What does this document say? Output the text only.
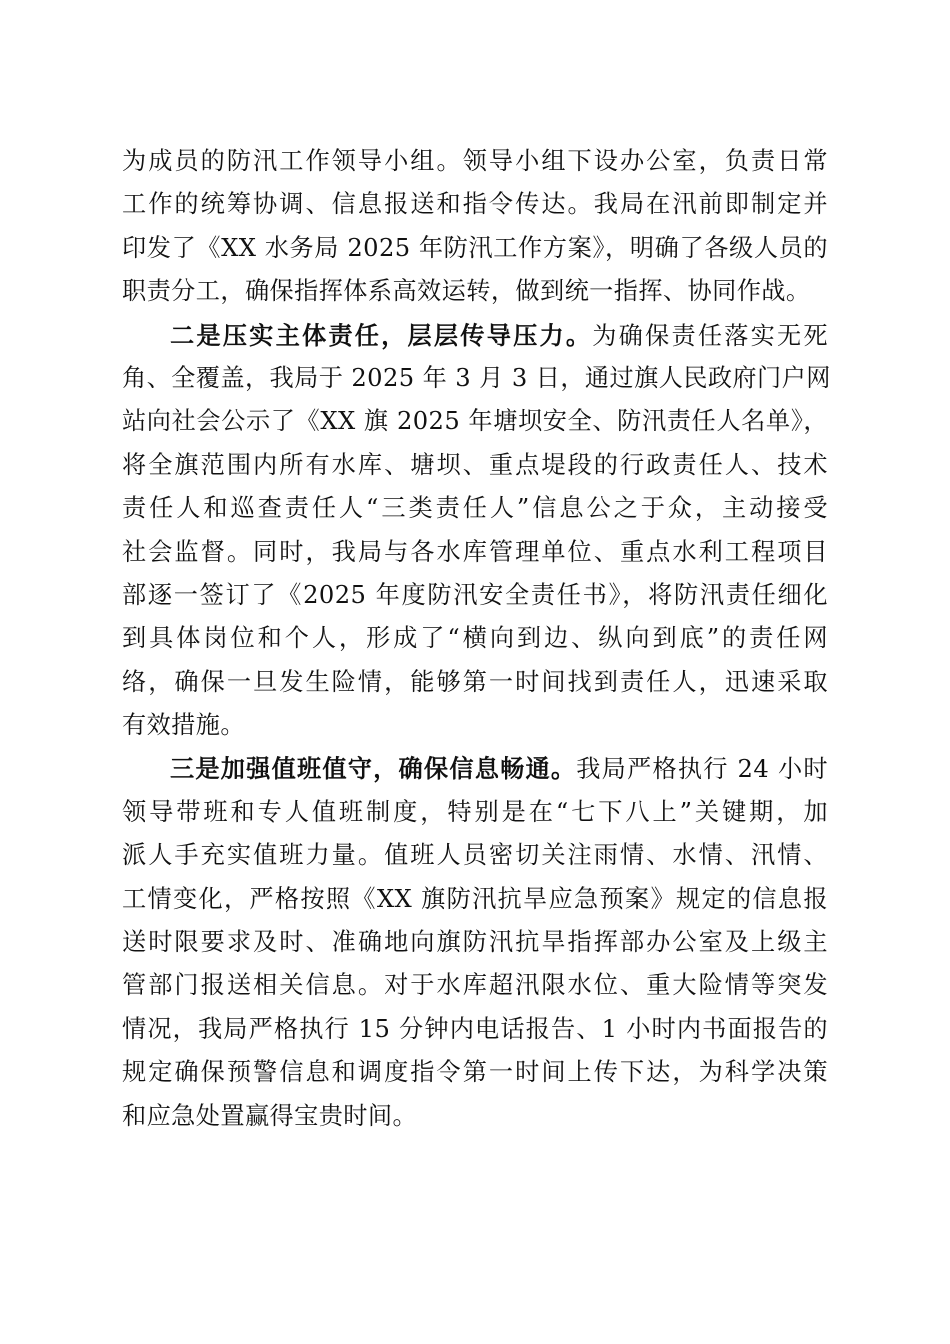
为成员的防汛工作领导小组。领导小组下设办公室，负责日常
工作的统筹协调、信息报送和指令传达。我局在汛前即制定并
印发了《XX 水务局 2025 年防汛工作方案》，明确了各级人员的
职责分工，确保指挥体系高效运转，做到统一指挥、协同作战。
二是压实主体责任，层层传导压力。为确保责任落实无死
角、全覆盖，我局于 2025 年 3 月 3 日，通过旗人民政府门户网
站向社会公示了《XX 旗 2025 年塘坝安全、防汛责任人名单》，
将全旗范围内所有水库、塘坝、重点堤段的行政责任人、技术
责任人和巡查责任人“三类责任人”信息公之于众，主动接受
社会监督。同时，我局与各水库管理单位、重点水利工程项目
部逐一签订了《2025 年度防汛安全责任书》，将防汛责任细化
到具体岗位和个人，形成了“横向到边、纵向到底”的责任网
络，确保一旦发生险情，能够第一时间找到责任人，迅速采取
有效措施。
三是加强值班值守，确保信息畅通。我局严格执行 24 小时
领导带班和专人值班制度，特别是在“七下八上”关键期，加
派人手充实值班力量。值班人员密切关注雨情、水情、汛情、
工情变化，严格按照《XX 旗防汛抗旱应急预案》规定的信息报
送时限要求及时、准确地向旗防汛抗旱指挥部办公室及上级主
管部门报送相关信息。对于水库超汛限水位、重大险情等突发
情况，我局严格执行 15 分钟内电话报告、1 小时内书面报告的
规定确保预警信息和调度指令第一时间上传下达，为科学决策
和应急处置赢得宝贵时间。
